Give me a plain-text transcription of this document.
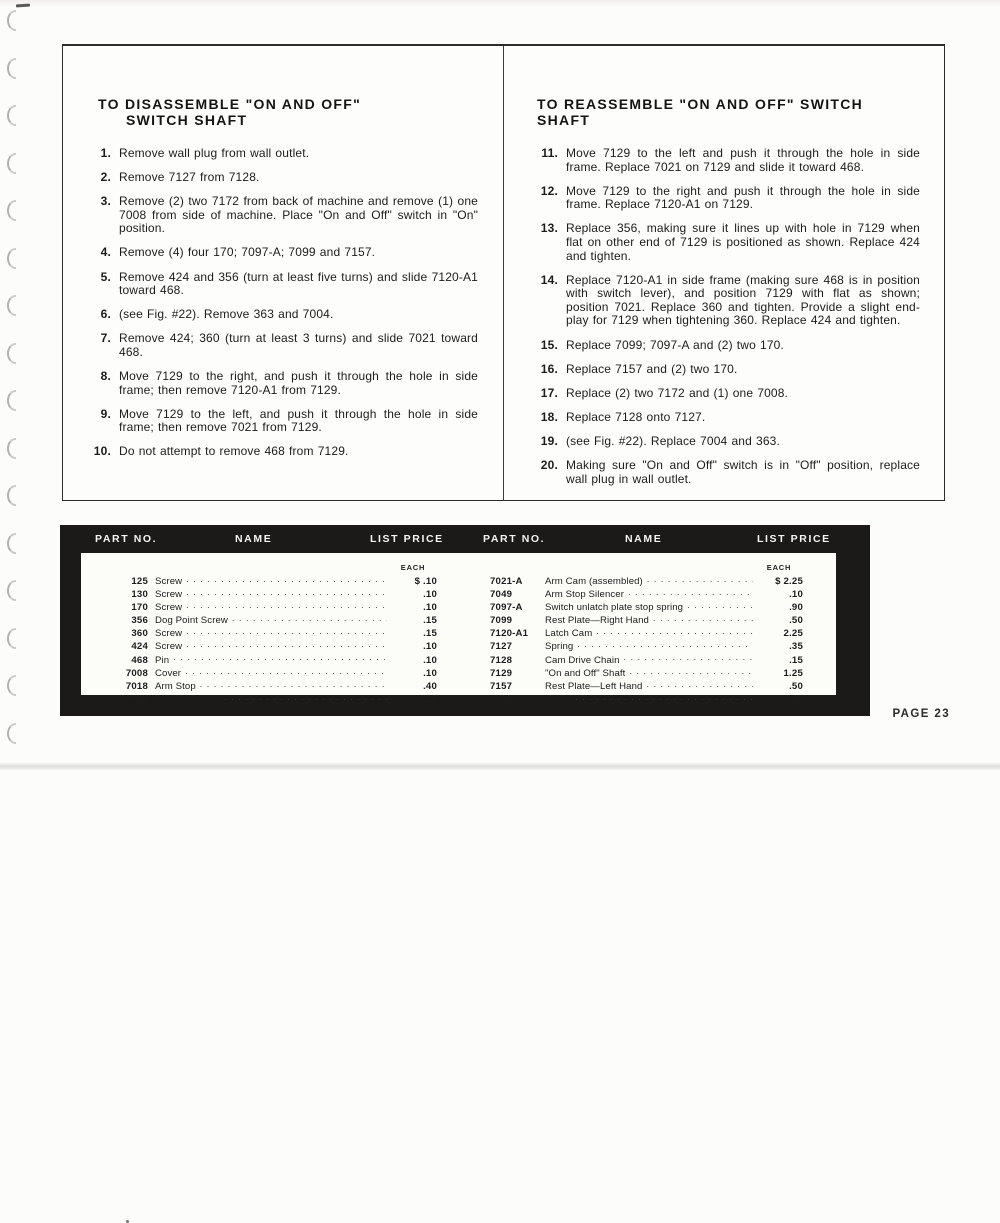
TO DISASSEMBLE "ON AND OFF"
SWITCH SHAFT
1. Remove wall plug from wall outlet.
2. Remove 7127 from 7128.
3. Remove (2) two 7172 from back of machine and remove (1) one 7008 from side of machine. Place "On and Off" switch in "On" position.
4. Remove (4) four 170; 7097-A; 7099 and 7157.
5. Remove 424 and 356 (turn at least five turns) and slide 7120-A1 toward 468.
6. (see Fig. #22). Remove 363 and 7004.
7. Remove 424; 360 (turn at least 3 turns) and slide 7021 toward 468.
8. Move 7129 to the right, and push it through the hole in side frame; then remove 7120-A1 from 7129.
9. Move 7129 to the left, and push it through the hole in side frame; then remove 7021 from 7129.
10. Do not attempt to remove 468 from 7129.
TO REASSEMBLE "ON AND OFF" SWITCH SHAFT
11. Move 7129 to the left and push it through the hole in side frame. Replace 7021 on 7129 and slide it toward 468.
12. Move 7129 to the right and push it through the hole in side frame. Replace 7120-A1 on 7129.
13. Replace 356, making sure it lines up with hole in 7129 when flat on other end of 7129 is positioned as shown. Replace 424 and tighten.
14. Replace 7120-A1 in side frame (making sure 468 is in position with switch lever), and position 7129 with flat as shown; position 7021. Replace 360 and tighten. Provide a slight end-play for 7129 when tightening 360. Replace 424 and tighten.
15. Replace 7099; 7097-A and (2) two 170.
16. Replace 7157 and (2) two 170.
17. Replace (2) two 7172 and (1) one 7008.
18. Replace 7128 onto 7127.
19. (see Fig. #22). Replace 7004 and 363.
20. Making sure "On and Off" switch is in "Off" position, replace wall plug in wall outlet.
PART NO.	NAME	LIST PRICE	PART NO.	NAME	LIST PRICE
EACH
125 Screw . . .	$ .10
130 Screw . . .	.10
170 Screw . . .	.10
356 Dog Point Screw . . .	.15
360 Screw . . .	.15
424 Screw . . .	.10
468 Pin . . .	.10
7008 Cover . . .	.10
7018 Arm Stop . . .	.40
7019 Arm Back Stop . . .	.15
EACH
7021-A	Arm Cam (assembled) . . .	$ 2.25
7049	Arm Stop Silencer . . .	.10
7097-A	Switch unlatch plate stop spring . . .	.90
7099	Rest Plate—Right Hand . . .	.50
7120-A1	Latch Cam . . .	2.25
7127	Spring . . .	.35
7128	Cam Drive Chain . . .	.15
7129	"On and Off" Shaft . . .	1.25
7157	Rest Plate—Left Hand . . .	.50
7172	Cover . . .	.10
PAGE 23
